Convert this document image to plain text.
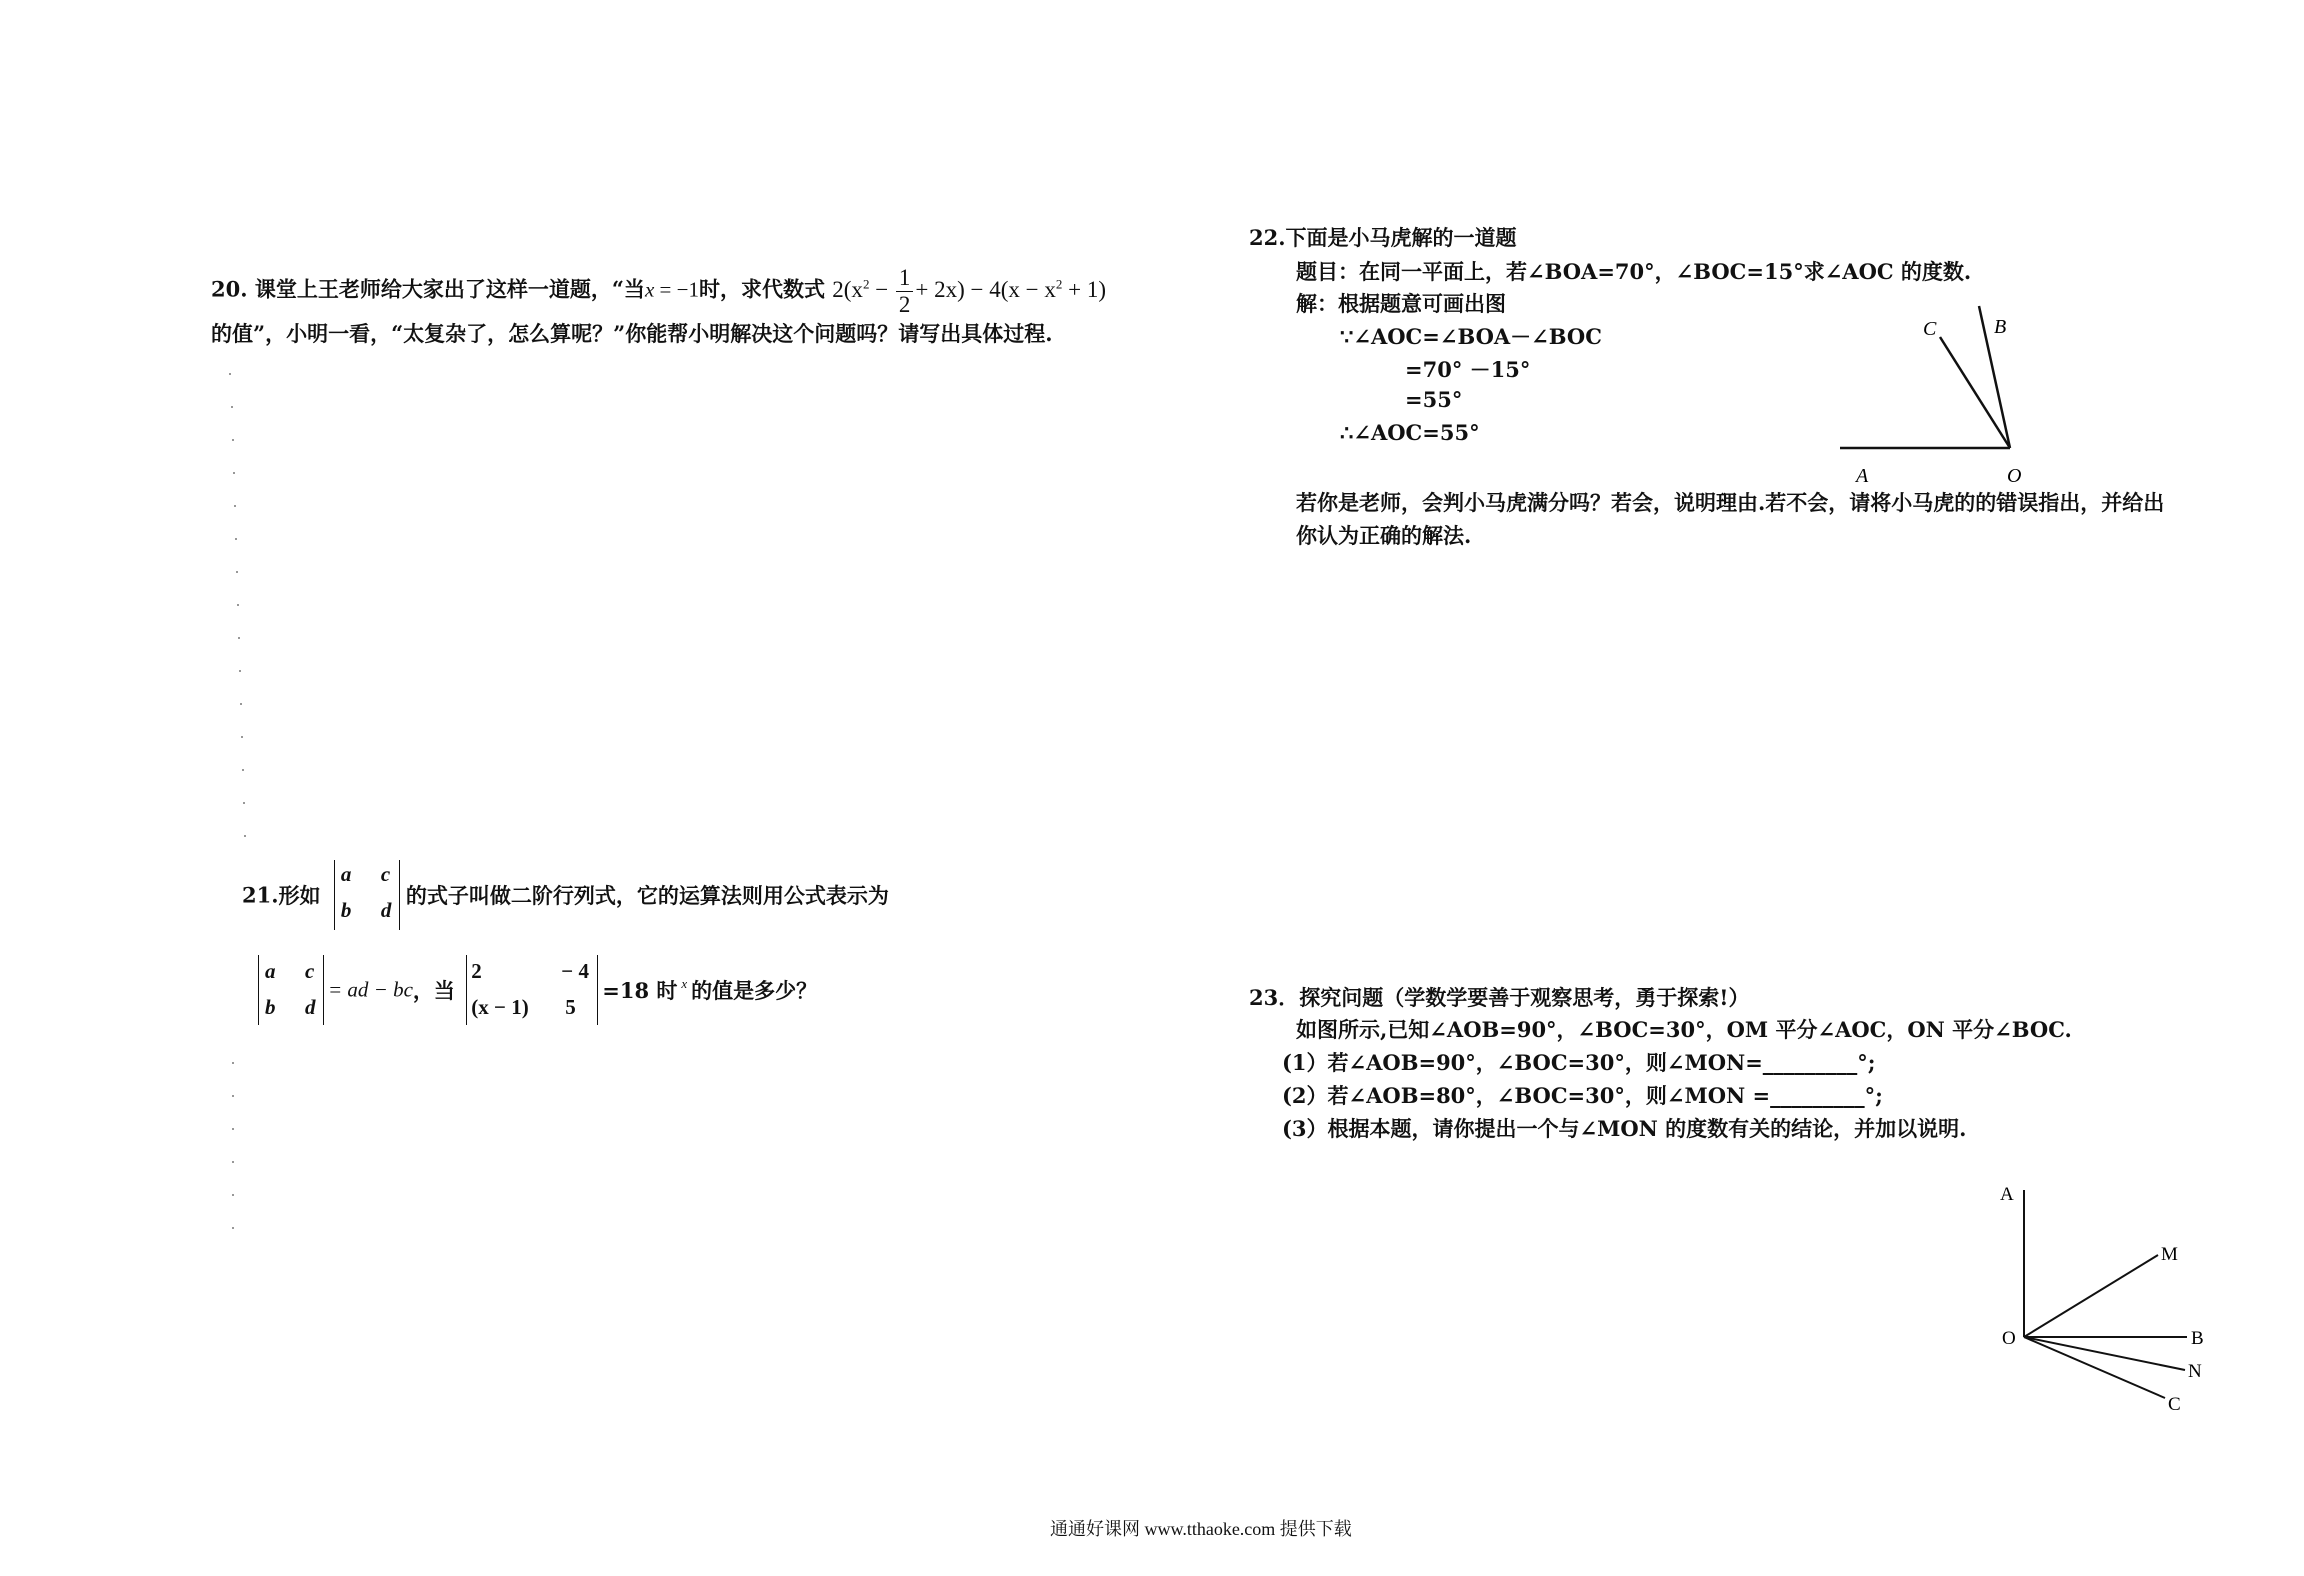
20. 课堂上王老师给大家出了这样一道题，“当x = −1时，求代数式 $2(x^2 - \frac{1}{2} + 2x) - 4(x - x^2 + 1)$
的值”，小明一看，“太复杂了，怎么算呢？”你能帮小明解决这个问题吗？请写出具体过程.
21.形如
a c
b d
的式子叫做二阶行列式，它的运算法则用公式表示为
a c
b d
= ad − bc，当
2	− 4
(x − 1) 5
=18 时 $^x$ 的值是多少？
22.下面是小马虎解的一道题
题目：在同一平面上，若∠BOA=70°，∠BOC=15°求∠AOC 的度数.
解：根据题意可画出图
∵∠AOC=∠BOA－∠BOC
=70° －15°
=55°
∴∠AOC=55°
A	O
C	B
若你是老师，会判小马虎满分吗？若会，说明理由.若不会，请将小马虎的的错误指出，并给出
你认为正确的解法.
23．探究问题（学数学要善于观察思考，勇于探索!）
如图所示,已知∠AOB=90°，∠BOC=30°，OM 平分∠AOC，ON 平分∠BOC.
(1）若∠AOB=90°，∠BOC=30°，则∠MON=_________°;
(2）若∠AOB=80°，∠BOC=30°，则∠MON =_________°;
(3）根据本题，请你提出一个与∠MON 的度数有关的结论，并加以说明.
A
M
O	B
N
C
通通好课网 www.tthaoke.com 提供下载
